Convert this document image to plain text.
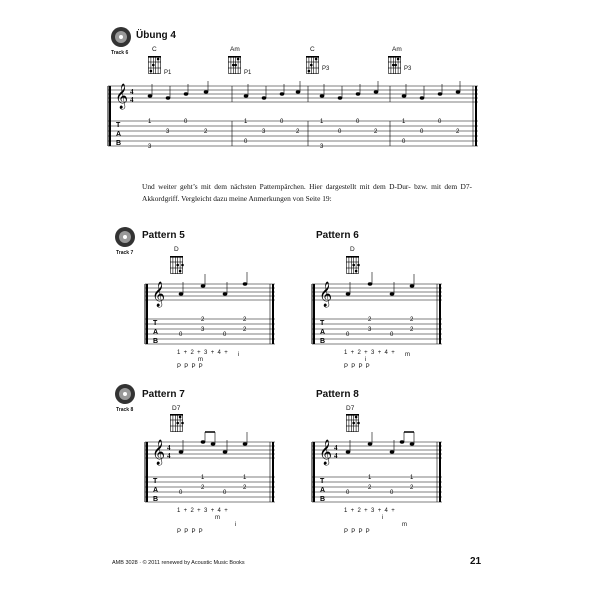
Track 6
Übung 4
C	Am	C	Am
P1	P1
P3	P3
𝄞 4
4
T
A
B
1	0	1	0	1	0	1	0
3	2	3	2	0	2	0	2
3	3
0	0
Und weiter geht’s mit dem nächsten Patternpärchen. Hier dargestellt mit dem D-Dur- bzw. mit dem D7-Akkordgriff. Vergleicht dazu meine Anmerkungen von Seite 19:
Track 7
Pattern 5
D
𝄞
T
A
B
2
0
2
0
3	2
1  +  2  +  3  +  4  +
m
i
P  P  P  P
Pattern 6
D
𝄞
T
A
B
2
0
2
0
3	2
1  +  2  +  3  +  4  +
i
m
P  P  P  P
Track 8
Pattern 7
D7
𝄞 4
4
T
A
B
1
0
1
2	2
0
1  +  2  +  3  +  4  +
m
i
P  P  P  P
Pattern 8
D7
𝄞 4
4
T
A
B
1
0
1
2	2
0
1  +  2  +  3  +  4  +
i
m
P  P  P  P
AMB 3028 · © 2011 renewed by Acoustic Music Books	21
